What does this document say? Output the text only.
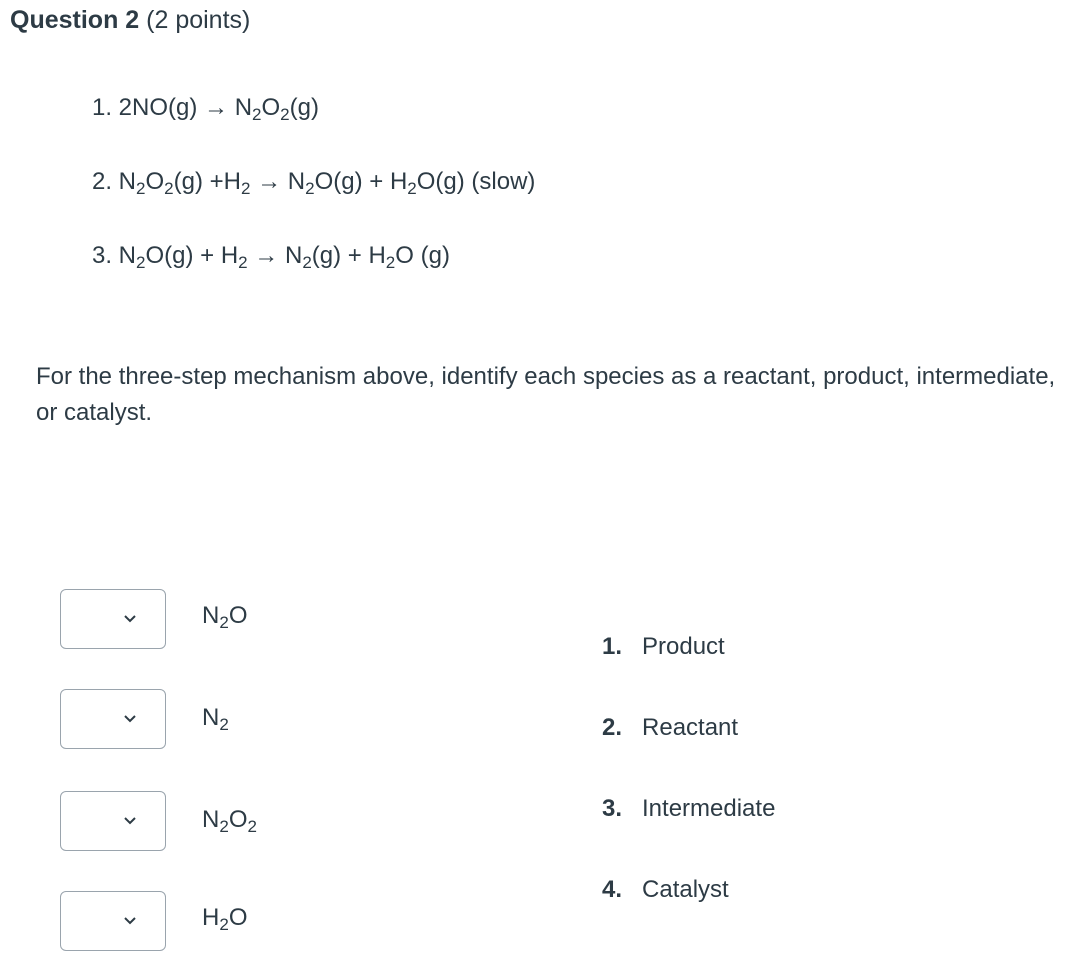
Question 2 (2 points)
1. $2NO(g) \to N_2O_2(g)$
2. $N_2O_2(g) +H_2 \to N_2O(g) + H_2O(g)$ (slow)
3. $N_2O(g) + H_2 \to N_2(g) + H_2O$ (g)
For the three-step mechanism above, identify each species as a reactant, product, intermediate, or catalyst.
$N_2O$
$N_2$
$N_2O_2$
$H_2O$
1. Product
2. Reactant
3. Intermediate
4. Catalyst
